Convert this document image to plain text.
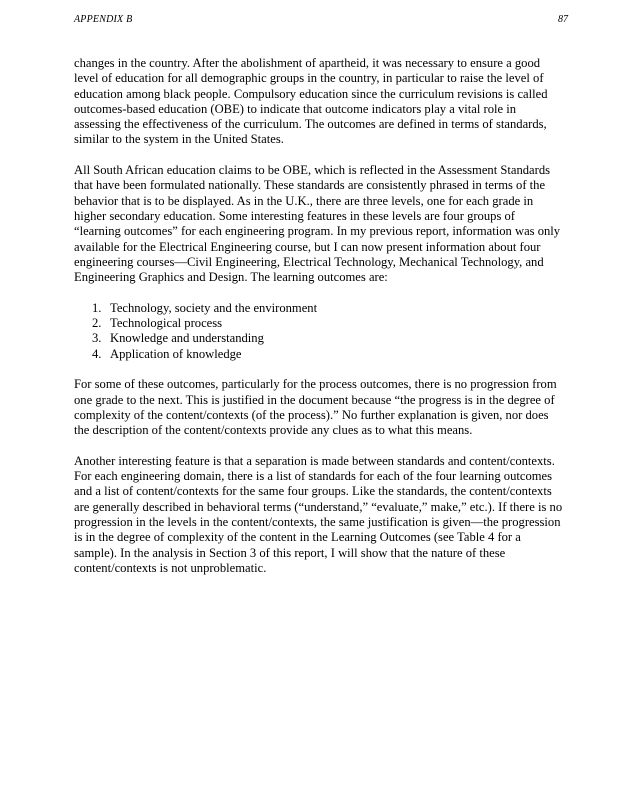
APPENDIX B	87

changes in the country. After the abolishment of apartheid, it was necessary to ensure a good level of education for all demographic groups in the country, in particular to raise the level of education among black people. Compulsory education since the curriculum revisions is called outcomes-based education (OBE) to indicate that outcome indicators play a vital role in assessing the effectiveness of the curriculum. The outcomes are defined in terms of standards, similar to the system in the United States.

All South African education claims to be OBE, which is reflected in the Assessment Standards that have been formulated nationally. These standards are consistently phrased in terms of the behavior that is to be displayed. As in the U.K., there are three levels, one for each grade in higher secondary education. Some interesting features in these levels are four groups of “learning outcomes” for each engineering program. In my previous report, information was only available for the Electrical Engineering course, but I can now present information about four engineering courses—Civil Engineering, Electrical Technology, Mechanical Technology, and Engineering Graphics and Design. The learning outcomes are:

1. Technology, society and the environment
2. Technological process
3. Knowledge and understanding
4. Application of knowledge

For some of these outcomes, particularly for the process outcomes, there is no progression from one grade to the next. This is justified in the document because “the progress is in the degree of complexity of the content/contexts (of the process).” No further explanation is given, nor does the description of the content/contexts provide any clues as to what this means.

Another interesting feature is that a separation is made between standards and content/contexts. For each engineering domain, there is a list of standards for each of the four learning outcomes and a list of content/contexts for the same four groups. Like the standards, the content/contexts are generally described in behavioral terms (“understand,” “evaluate,” make,” etc.). If there is no progression in the levels in the content/contexts, the same justification is given—the progression is in the degree of complexity of the content in the Learning Outcomes (see Table 4 for a sample). In the analysis in Section 3 of this report, I will show that the nature of these content/contexts is not unproblematic.
